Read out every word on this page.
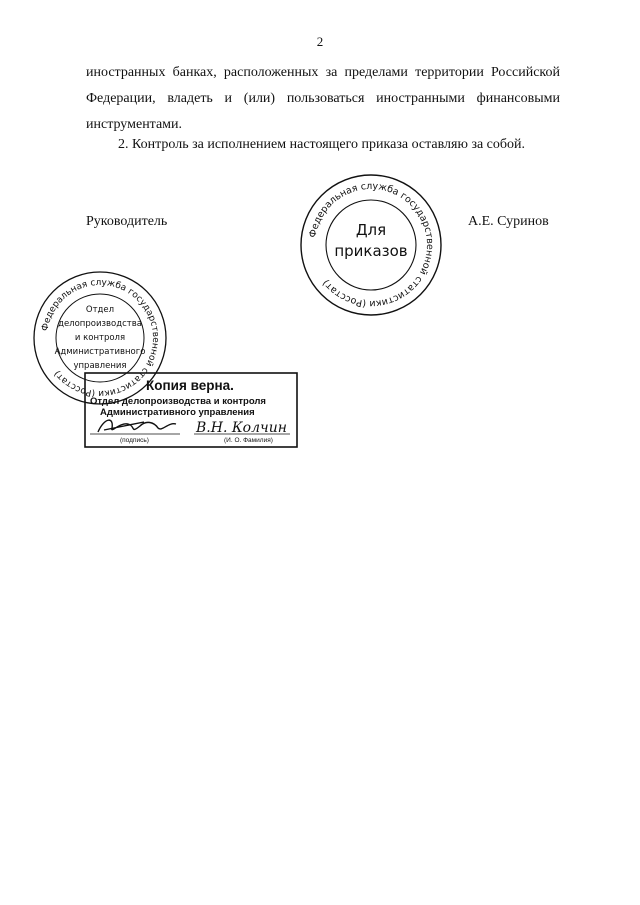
2

иностранных банках, расположенных за пределами территории Российской
Федерации, владеть и (или) пользоваться иностранными финансовыми
инструментами.

2. Контроль за исполнением настоящего приказа оставляю за собой.

Руководитель	А.Е. Суринов
Федеральная служба государственной статистики (Росстат)
Для
приказов
Федеральная служба государственной статистики (Росстат)
Отдел
делопроизводства
и контроля
Административного
управления
Копия верна.
Отдел делопроизводства и контроля
Административного управления
(подпись)	(И. О. Фамилия)
В.Н. Колчин
